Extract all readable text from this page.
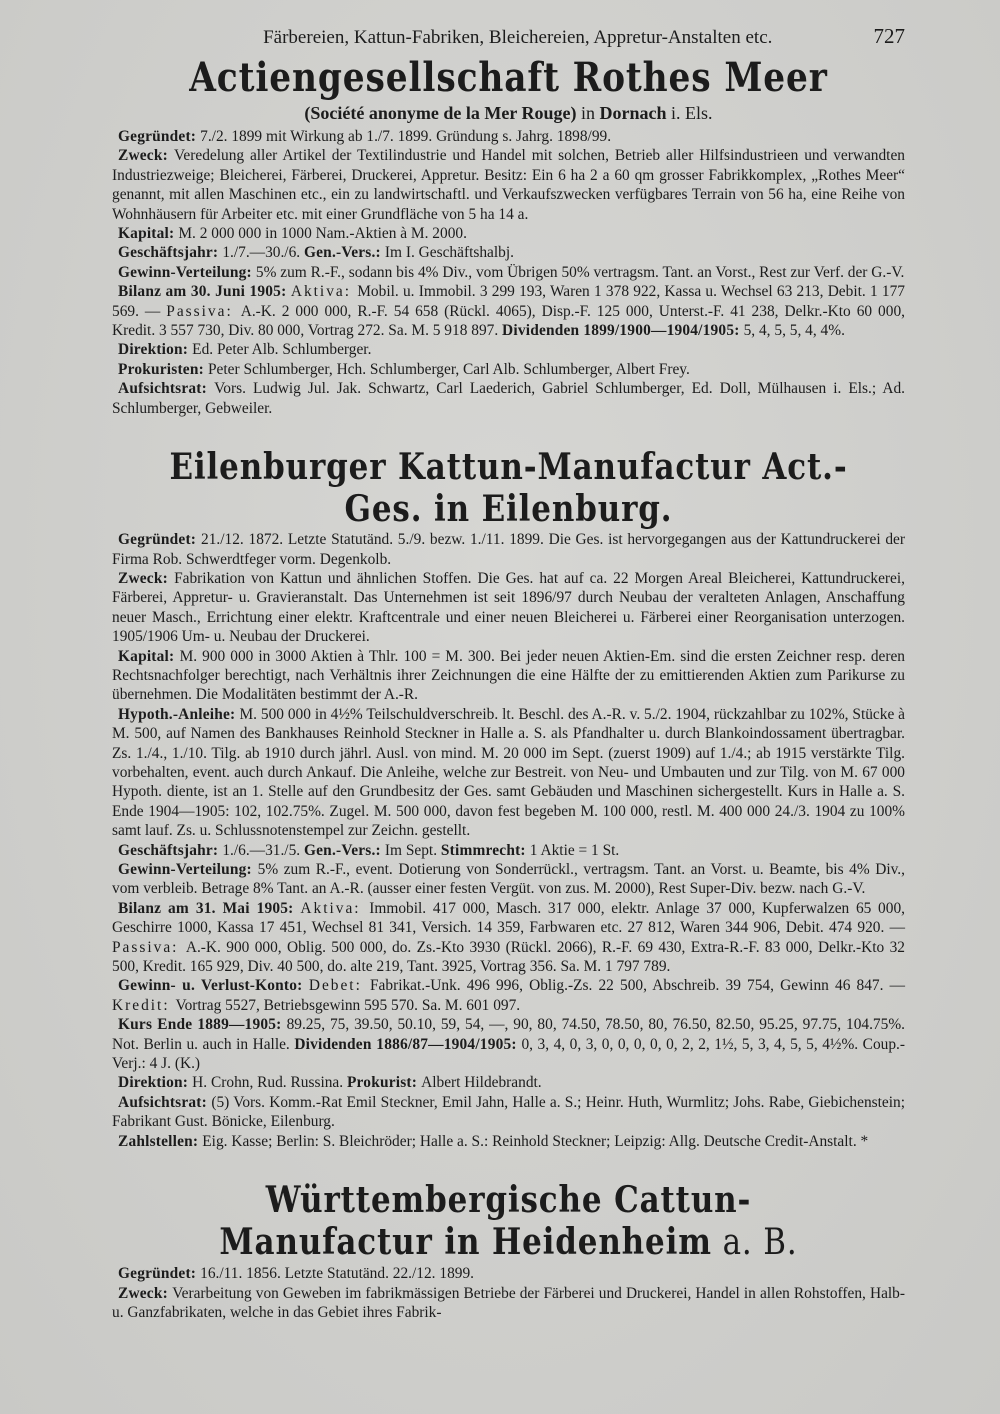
Färbereien, Kattun-Fabriken, Bleichereien, Appretur-Anstalten etc.	727
Actiengesellschaft Rothes Meer
(Société anonyme de la Mer Rouge) in Dornach i. Els.

Gegründet: 7./2. 1899 mit Wirkung ab 1./7. 1899. Gründung s. Jahrg. 1898/99.

Zweck: Veredelung aller Artikel der Textilindustrie und Handel mit solchen, Betrieb aller Hilfsindustrieen und verwandten Industriezweige; Bleicherei, Färberei, Druckerei, Appretur. Besitz: Ein 6 ha 2 a 60 qm grosser Fabrikkomplex, „Rothes Meer“ genannt, mit allen Maschinen etc., ein zu landwirtschaftl. und Verkaufszwecken verfügbares Terrain von 56 ha, eine Reihe von Wohnhäusern für Arbeiter etc. mit einer Grundfläche von 5 ha 14 a.

Kapital: M. 2 000 000 in 1000 Nam.-Aktien à M. 2000.

Geschäftsjahr: 1./7.—30./6. Gen.-Vers.: Im I. Geschäftshalbj.

Gewinn-Verteilung: 5% zum R.-F., sodann bis 4% Div., vom Übrigen 50% vertragsm. Tant. an Vorst., Rest zur Verf. der G.-V.

Bilanz am 30. Juni 1905: Aktiva: Mobil. u. Immobil. 3 299 193, Waren 1 378 922, Kassa u. Wechsel 63 213, Debit. 1 177 569. — Passiva: A.-K. 2 000 000, R.-F. 54 658 (Rückl. 4065), Disp.-F. 125 000, Unterst.-F. 41 238, Delkr.-Kto 60 000, Kredit. 3 557 730, Div. 80 000, Vortrag 272. Sa. M. 5 918 897. Dividenden 1899/1900—1904/1905: 5, 4, 5, 5, 4, 4%.

Direktion: Ed. Peter Alb. Schlumberger.

Prokuristen: Peter Schlumberger, Hch. Schlumberger, Carl Alb. Schlumberger, Albert Frey.

Aufsichtsrat: Vors. Ludwig Jul. Jak. Schwartz, Carl Laederich, Gabriel Schlumberger, Ed. Doll, Mülhausen i. Els.; Ad. Schlumberger, Gebweiler.

Eilenburger Kattun-Manufactur Act.-Ges. in Eilenburg.

Gegründet: 21./12. 1872. Letzte Statutänd. 5./9. bezw. 1./11. 1899. Die Ges. ist hervorgegangen aus der Kattundruckerei der Firma Rob. Schwerdtfeger vorm. Degenkolb.

Zweck: Fabrikation von Kattun und ähnlichen Stoffen. Die Ges. hat auf ca. 22 Morgen Areal Bleicherei, Kattundruckerei, Färberei, Appretur- u. Gravieranstalt. Das Unternehmen ist seit 1896/97 durch Neubau der veralteten Anlagen, Anschaffung neuer Masch., Errichtung einer elektr. Kraftcentrale und einer neuen Bleicherei u. Färberei einer Reorganisation unterzogen. 1905/1906 Um- u. Neubau der Druckerei.

Kapital: M. 900 000 in 3000 Aktien à Thlr. 100 = M. 300. Bei jeder neuen Aktien-Em. sind die ersten Zeichner resp. deren Rechtsnachfolger berechtigt, nach Verhältnis ihrer Zeichnungen die eine Hälfte der zu emittierenden Aktien zum Parikurse zu übernehmen. Die Modalitäten bestimmt der A.-R.

Hypoth.-Anleihe: M. 500 000 in 4½% Teilschuldverschreib. lt. Beschl. des A.-R. v. 5./2. 1904, rückzahlbar zu 102%, Stücke à M. 500, auf Namen des Bankhauses Reinhold Steckner in Halle a. S. als Pfandhalter u. durch Blankoindossament übertragbar. Zs. 1./4., 1./10. Tilg. ab 1910 durch jährl. Ausl. von mind. M. 20 000 im Sept. (zuerst 1909) auf 1./4.; ab 1915 verstärkte Tilg. vorbehalten, event. auch durch Ankauf. Die Anleihe, welche zur Bestreit. von Neu- und Umbauten und zur Tilg. von M. 67 000 Hypoth. diente, ist an 1. Stelle auf den Grundbesitz der Ges. samt Gebäuden und Maschinen sichergestellt. Kurs in Halle a. S. Ende 1904—1905: 102, 102.75%. Zugel. M. 500 000, davon fest begeben M. 100 000, restl. M. 400 000 24./3. 1904 zu 100% samt lauf. Zs. u. Schlussnotenstempel zur Zeichn. gestellt.

Geschäftsjahr: 1./6.—31./5. Gen.-Vers.: Im Sept. Stimmrecht: 1 Aktie = 1 St.

Gewinn-Verteilung: 5% zum R.-F., event. Dotierung von Sonderrückl., vertragsm. Tant. an Vorst. u. Beamte, bis 4% Div., vom verbleib. Betrage 8% Tant. an A.-R. (ausser einer festen Vergüt. von zus. M. 2000), Rest Super-Div. bezw. nach G.-V.

Bilanz am 31. Mai 1905: Aktiva: Immobil. 417 000, Masch. 317 000, elektr. Anlage 37 000, Kupferwalzen 65 000, Geschirre 1000, Kassa 17 451, Wechsel 81 341, Versich. 14 359, Farbwaren etc. 27 812, Waren 344 906, Debit. 474 920. — Passiva: A.-K. 900 000, Oblig. 500 000, do. Zs.-Kto 3930 (Rückl. 2066), R.-F. 69 430, Extra-R.-F. 83 000, Delkr.-Kto 32 500, Kredit. 165 929, Div. 40 500, do. alte 219, Tant. 3925, Vortrag 356. Sa. M. 1 797 789.

Gewinn- u. Verlust-Konto: Debet: Fabrikat.-Unk. 496 996, Oblig.-Zs. 22 500, Abschreib. 39 754, Gewinn 46 847. — Kredit: Vortrag 5527, Betriebsgewinn 595 570. Sa. M. 601 097.

Kurs Ende 1889—1905: 89.25, 75, 39.50, 50.10, 59, 54, —, 90, 80, 74.50, 78.50, 80, 76.50, 82.50, 95.25, 97.75, 104.75%. Not. Berlin u. auch in Halle. Dividenden 1886/87—1904/1905: 0, 3, 4, 0, 3, 0, 0, 0, 0, 0, 2, 2, 1½, 5, 3, 4, 5, 5, 4½%. Coup.-Verj.: 4 J. (K.)

Direktion: H. Crohn, Rud. Russina. Prokurist: Albert Hildebrandt.

Aufsichtsrat: (5) Vors. Komm.-Rat Emil Steckner, Emil Jahn, Halle a. S.; Heinr. Huth, Wurmlitz; Johs. Rabe, Giebichenstein; Fabrikant Gust. Bönicke, Eilenburg.

Zahlstellen: Eig. Kasse; Berlin: S. Bleichröder; Halle a. S.: Reinhold Steckner; Leipzig: Allg. Deutsche Credit-Anstalt. *

Württembergische Cattun-Manufactur in Heidenheim a. B.

Gegründet: 16./11. 1856. Letzte Statutänd. 22./12. 1899.

Zweck: Verarbeitung von Geweben im fabrikmässigen Betriebe der Färberei und Druckerei, Handel in allen Rohstoffen, Halb- u. Ganzfabrikaten, welche in das Gebiet ihres Fabrik-
